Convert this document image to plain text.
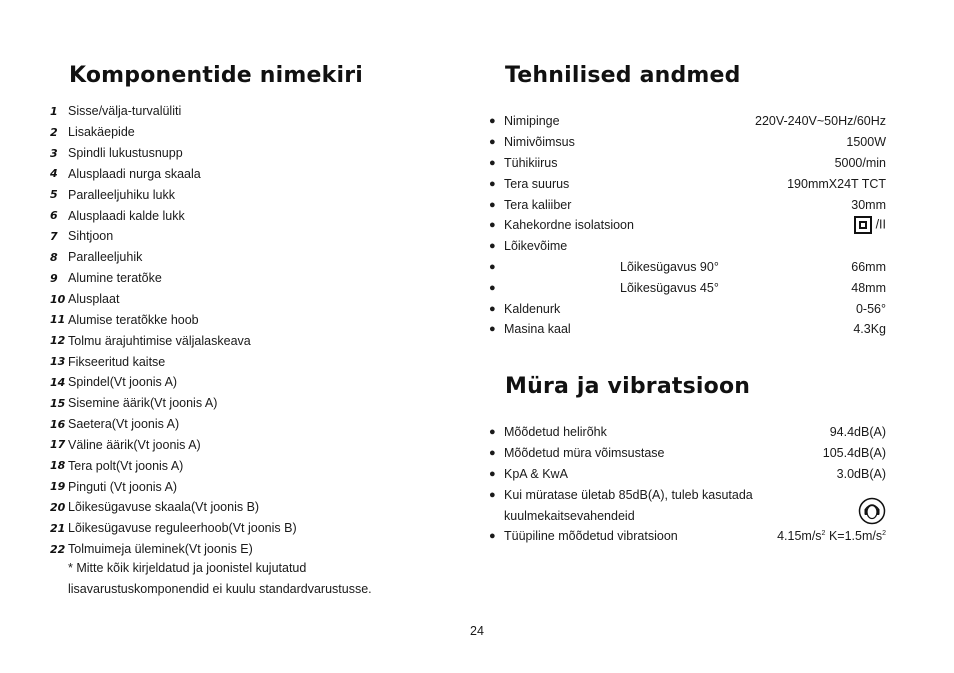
Komponentide nimekiri
1 Sisse/välja-turvalüliti
2 Lisakäepide
3 Spindli lukustusnupp
4 Alusplaadi nurga skaala
5 Paralleeljuhiku lukk
6 Alusplaadi kalde lukk
7 Sihtjoon
8 Paralleeljuhik
9 Alumine teratõke
10 Alusplaat
11 Alumise teratõkke hoob
12 Tolmu ärajuhtimise väljalaskeava
13 Fikseeritud kaitse
14 Spindel(Vt joonis A)
15 Sisemine äärik(Vt joonis A)
16 Saetera(Vt joonis A)
17 Väline äärik(Vt joonis A)
18 Tera polt(Vt joonis A)
19 Pinguti (Vt joonis A)
20 Lõikesügavuse skaala(Vt joonis B)
21 Lõikesügavuse reguleerhoob(Vt joonis B)
22 Tolmuimeja üleminek(Vt joonis E)
* Mitte kõik kirjeldatud ja joonistel kujutatud
lisavarustuskomponendid ei kuulu standardvarustusse.
Tehnilised andmed
● Nimipinge	220V-240V~50Hz/60Hz
● Nimivõimsus	1500W
● Tühikiirus	5000/min
● Tera suurus	190mmX24T TCT
● Tera kaliiber	30mm
● Kahekordne isolatsioon	/II
● Lõikevõime
●	Lõikesügavus 90°	66mm
●	Lõikesügavus 45°	48mm
● Kaldenurk	0-56°
● Masina kaal	4.3Kg
Müra ja vibratsioon
● Mõõdetud helirõhk	94.4dB(A)
● Mõõdetud müra võimsustase	105.4dB(A)
● KpA & KwA	3.0dB(A)
● Kui müratase ületab 85dB(A), tuleb kasutada
kuulmekaitsevahendeid
● Tüüpiline mõõdetud vibratsioon	$4.15m/s^2$ $K=1.5m/s^2$
24
